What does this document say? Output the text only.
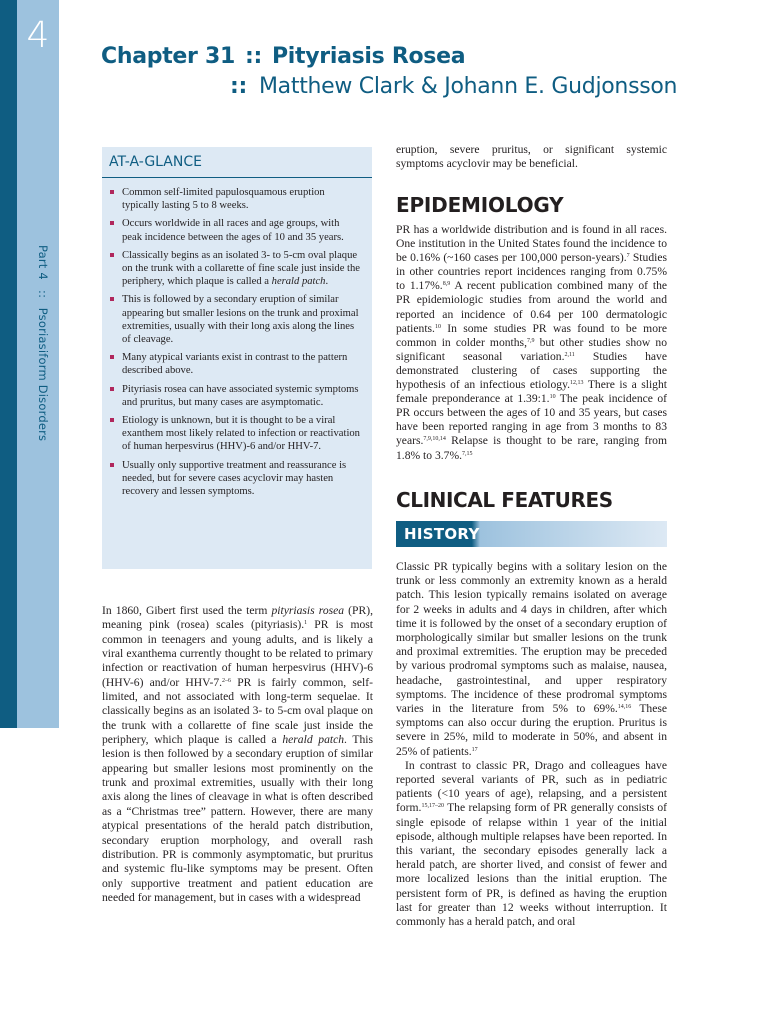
4
Part 4 :: Psoriasiform Disorders
Chapter 31 :: Pityriasis Rosea
:: Matthew Clark & Johann E. Gudjonsson
AT-A-GLANCE
Common self-limited papulosquamous eruption typically lasting 5 to 8 weeks.
Occurs worldwide in all races and age groups, with peak incidence between the ages of 10 and 35 years.
Classically begins as an isolated 3- to 5-cm oval plaque on the trunk with a collarette of fine scale just inside the periphery, which plaque is called a herald patch.
This is followed by a secondary eruption of similar appearing but smaller lesions on the trunk and proximal extremities, usually with their long axis along the lines of cleavage.
Many atypical variants exist in contrast to the pattern described above.
Pityriasis rosea can have associated systemic symptoms and pruritus, but many cases are asymptomatic.
Etiology is unknown, but it is thought to be a viral exanthem most likely related to infection or reactivation of human herpesvirus (HHV)-6 and/or HHV-7.
Usually only supportive treatment and reassurance is needed, but for severe cases acyclovir may hasten recovery and lessen symptoms.

In 1860, Gibert first used the term pityriasis rosea (PR), meaning pink (rosea) scales (pityriasis).$^1$ PR is most common in teenagers and young adults, and is likely a viral exanthema currently thought to be related to primary infection or reactivation of human herpesvirus (HHV)-6 (HHV-6) and/or HHV-7.$^{2-6}$ PR is fairly common, self-limited, and not associated with long-term sequelae. It classically begins as an isolated 3- to 5-cm oval plaque on the trunk with a collarette of fine scale just inside the periphery, which plaque is called a herald patch. This lesion is then followed by a secondary eruption of similar appearing but smaller lesions most prominently on the trunk and proximal extremities, usually with their long axis along the lines of cleavage in what is often described as a “Christmas tree” pattern. However, there are many atypical presentations of the herald patch distribution, secondary eruption morphology, and overall rash distribution. PR is commonly asymptomatic, but pruritus and systemic flu-like symptoms may be present. Often only supportive treatment and patient education are needed for management, but in cases with a widespread

eruption, severe pruritus, or significant systemic symptoms acyclovir may be beneficial.

EPIDEMIOLOGY

PR has a worldwide distribution and is found in all races. One institution in the United States found the incidence to be 0.16% (~160 cases per 100,000 person-years).$^7$ Studies in other countries report incidences ranging from 0.75% to 1.17%.$^{8,9}$ A recent publication combined many of the PR epidemiologic studies from around the world and reported an incidence of 0.64 per 100 dermatologic patients.$^{10}$ In some studies PR was found to be more common in colder months,$^{7,9}$ but other studies show no significant seasonal variation.$^{2,11}$ Studies have demonstrated clustering of cases supporting the hypothesis of an infectious etiology.$^{12,13}$ There is a slight female preponderance at 1.39:1.10 The peak incidence of PR occurs between the ages of 10 and 35 years, but cases have been reported ranging in age from 3 months to 83 years.$^{7,9,10,14}$ Relapse is thought to be rare, ranging from 1.8% to 3.7%.$^{7,15}$

CLINICAL FEATURES
HISTORY

Classic PR typically begins with a solitary lesion on the trunk or less commonly an extremity known as a herald patch. This lesion typically remains isolated on average for 2 weeks in adults and 4 days in children, after which time it is followed by the onset of a secondary eruption of morphologically similar but smaller lesions on the trunk and proximal extremities. The eruption may be preceded by various prodromal symptoms such as malaise, nausea, headache, gastrointestinal, and upper respiratory symptoms. The incidence of these prodromal symptoms varies in the literature from 5% to 69%.$^{14,16}$ These symptoms can also occur during the eruption. Pruritus is severe in 25%, mild to moderate in 50%, and absent in 25% of patients.$^{17}$

In contrast to classic PR, Drago and colleagues have reported several variants of PR, such as in pediatric patients (<10 years of age), relapsing, and a persistent form.$^{15,17-20}$ The relapsing form of PR generally consists of single episode of relapse within 1 year of the initial episode, although multiple relapses have been reported. In this variant, the secondary episodes generally lack a herald patch, are shorter lived, and consist of fewer and more localized lesions than the initial eruption. The persistent form of PR, is defined as having the eruption last for greater than 12 weeks without interruption. It commonly has a herald patch, and oral
